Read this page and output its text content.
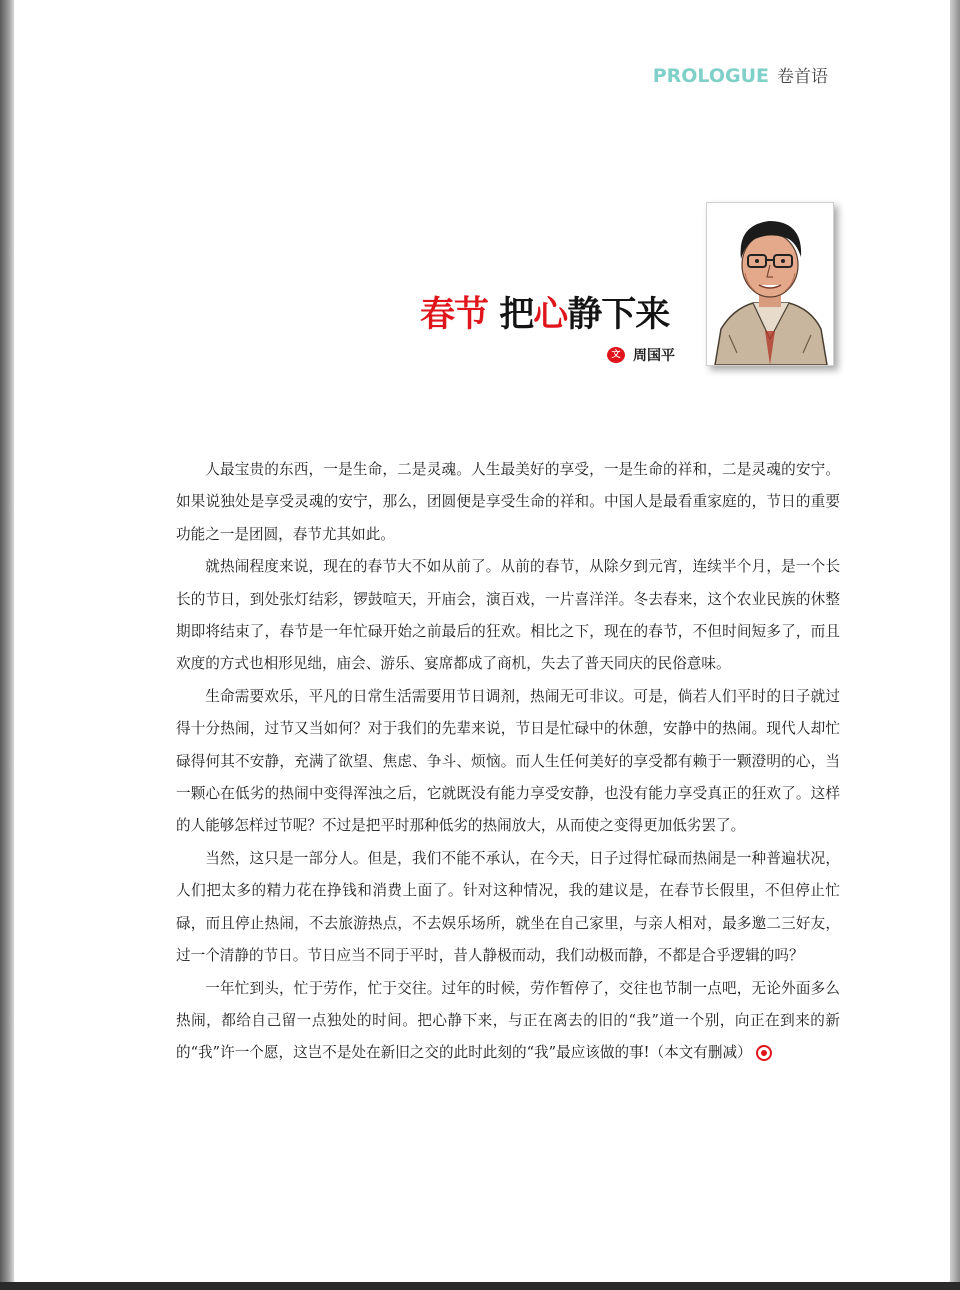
PROLOGUE 卷首语
春节 把心静下来
文 周国平

人最宝贵的东西，一是生命，二是灵魂。人生最美好的享受，一是生命的祥和，二是灵魂的安宁。如果说独处是享受灵魂的安宁，那么，团圆便是享受生命的祥和。中国人是最看重家庭的，节日的重要功能之一是团圆，春节尤其如此。

就热闹程度来说，现在的春节大不如从前了。从前的春节，从除夕到元宵，连续半个月，是一个长长的节日，到处张灯结彩，锣鼓喧天，开庙会，演百戏，一片喜洋洋。冬去春来，这个农业民族的休整期即将结束了，春节是一年忙碌开始之前最后的狂欢。相比之下，现在的春节，不但时间短多了，而且欢度的方式也相形见绌，庙会、游乐、宴席都成了商机，失去了普天同庆的民俗意味。

生命需要欢乐，平凡的日常生活需要用节日调剂，热闹无可非议。可是，倘若人们平时的日子就过得十分热闹，过节又当如何？对于我们的先辈来说，节日是忙碌中的休憩，安静中的热闹。现代人却忙碌得何其不安静，充满了欲望、焦虑、争斗、烦恼。而人生任何美好的享受都有赖于一颗澄明的心，当一颗心在低劣的热闹中变得浑浊之后，它就既没有能力享受安静，也没有能力享受真正的狂欢了。这样的人能够怎样过节呢？不过是把平时那种低劣的热闹放大，从而使之变得更加低劣罢了。

当然，这只是一部分人。但是，我们不能不承认，在今天，日子过得忙碌而热闹是一种普遍状况，人们把太多的精力花在挣钱和消费上面了。针对这种情况，我的建议是，在春节长假里，不但停止忙碌，而且停止热闹，不去旅游热点，不去娱乐场所，就坐在自己家里，与亲人相对，最多邀二三好友，过一个清静的节日。节日应当不同于平时，昔人静极而动，我们动极而静，不都是合乎逻辑的吗？

一年忙到头，忙于劳作，忙于交往。过年的时候，劳作暂停了，交往也节制一点吧，无论外面多么热闹，都给自己留一点独处的时间。把心静下来，与正在离去的旧的“我”道一个别，向正在到来的新的“我”许一个愿，这岂不是处在新旧之交的此时此刻的“我”最应该做的事!（本文有删减）
